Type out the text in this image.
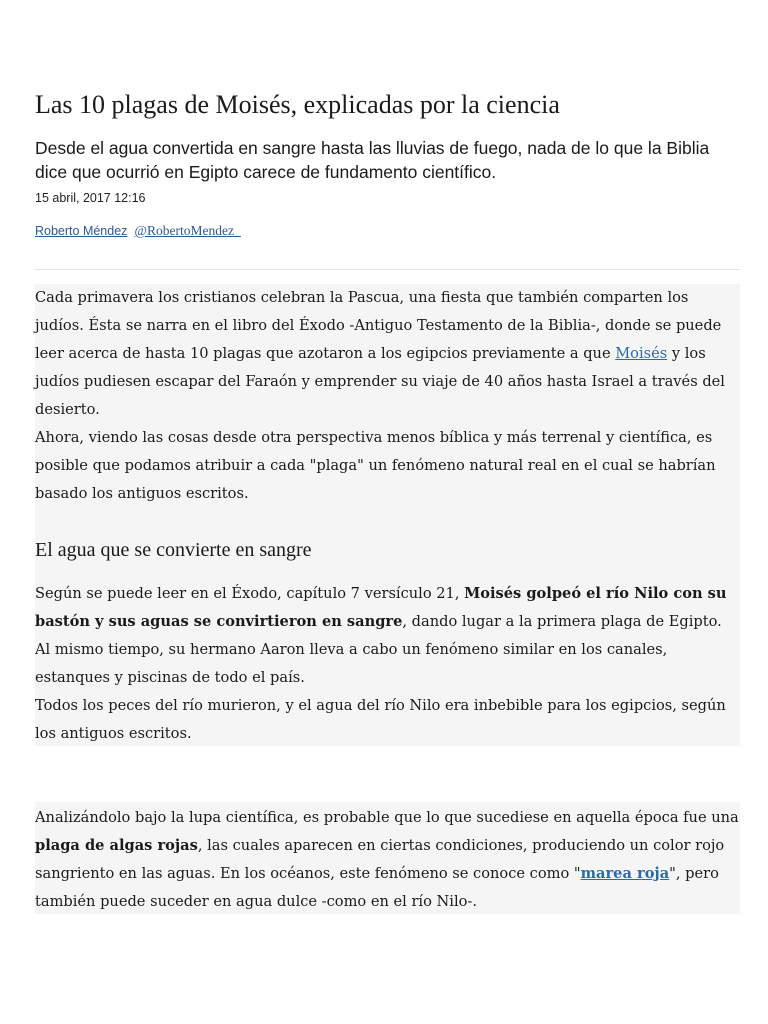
Las 10 plagas de Moisés, explicadas por la ciencia

Desde el agua convertida en sangre hasta las lluvias de fuego, nada de lo que la Biblia dice que ocurrió en Egipto carece de fundamento científico.

15 abril, 2017 12:16
Roberto Méndez @RobertoMendez_

Cada primavera los cristianos celebran la Pascua, una fiesta que también comparten los judíos. Ésta se narra en el libro del Éxodo -Antiguo Testamento de la Biblia-, donde se puede leer acerca de hasta 10 plagas que azotaron a los egipcios previamente a que Moisés y los judíos pudiesen escapar del Faraón y emprender su viaje de 40 años hasta Israel a través del desierto.

Ahora, viendo las cosas desde otra perspectiva menos bíblica y más terrenal y científica, es posible que podamos atribuir a cada "plaga" un fenómeno natural real en el cual se habrían basado los antiguos escritos.

El agua que se convierte en sangre

Según se puede leer en el Éxodo, capítulo 7 versículo 21, Moisés golpeó el río Nilo con su bastón y sus aguas se convirtieron en sangre, dando lugar a la primera plaga de Egipto. Al mismo tiempo, su hermano Aaron lleva a cabo un fenómeno similar en los canales, estanques y piscinas de todo el país.

Todos los peces del río murieron, y el agua del río Nilo era inbebible para los egipcios, según los antiguos escritos.

Analizándolo bajo la lupa científica, es probable que lo que sucediese en aquella época fue una plaga de algas rojas, las cuales aparecen en ciertas condiciones, produciendo un color rojo sangriento en las aguas. En los océanos, este fenómeno se conoce como "marea roja", pero también puede suceder en agua dulce -como en el río Nilo-.
